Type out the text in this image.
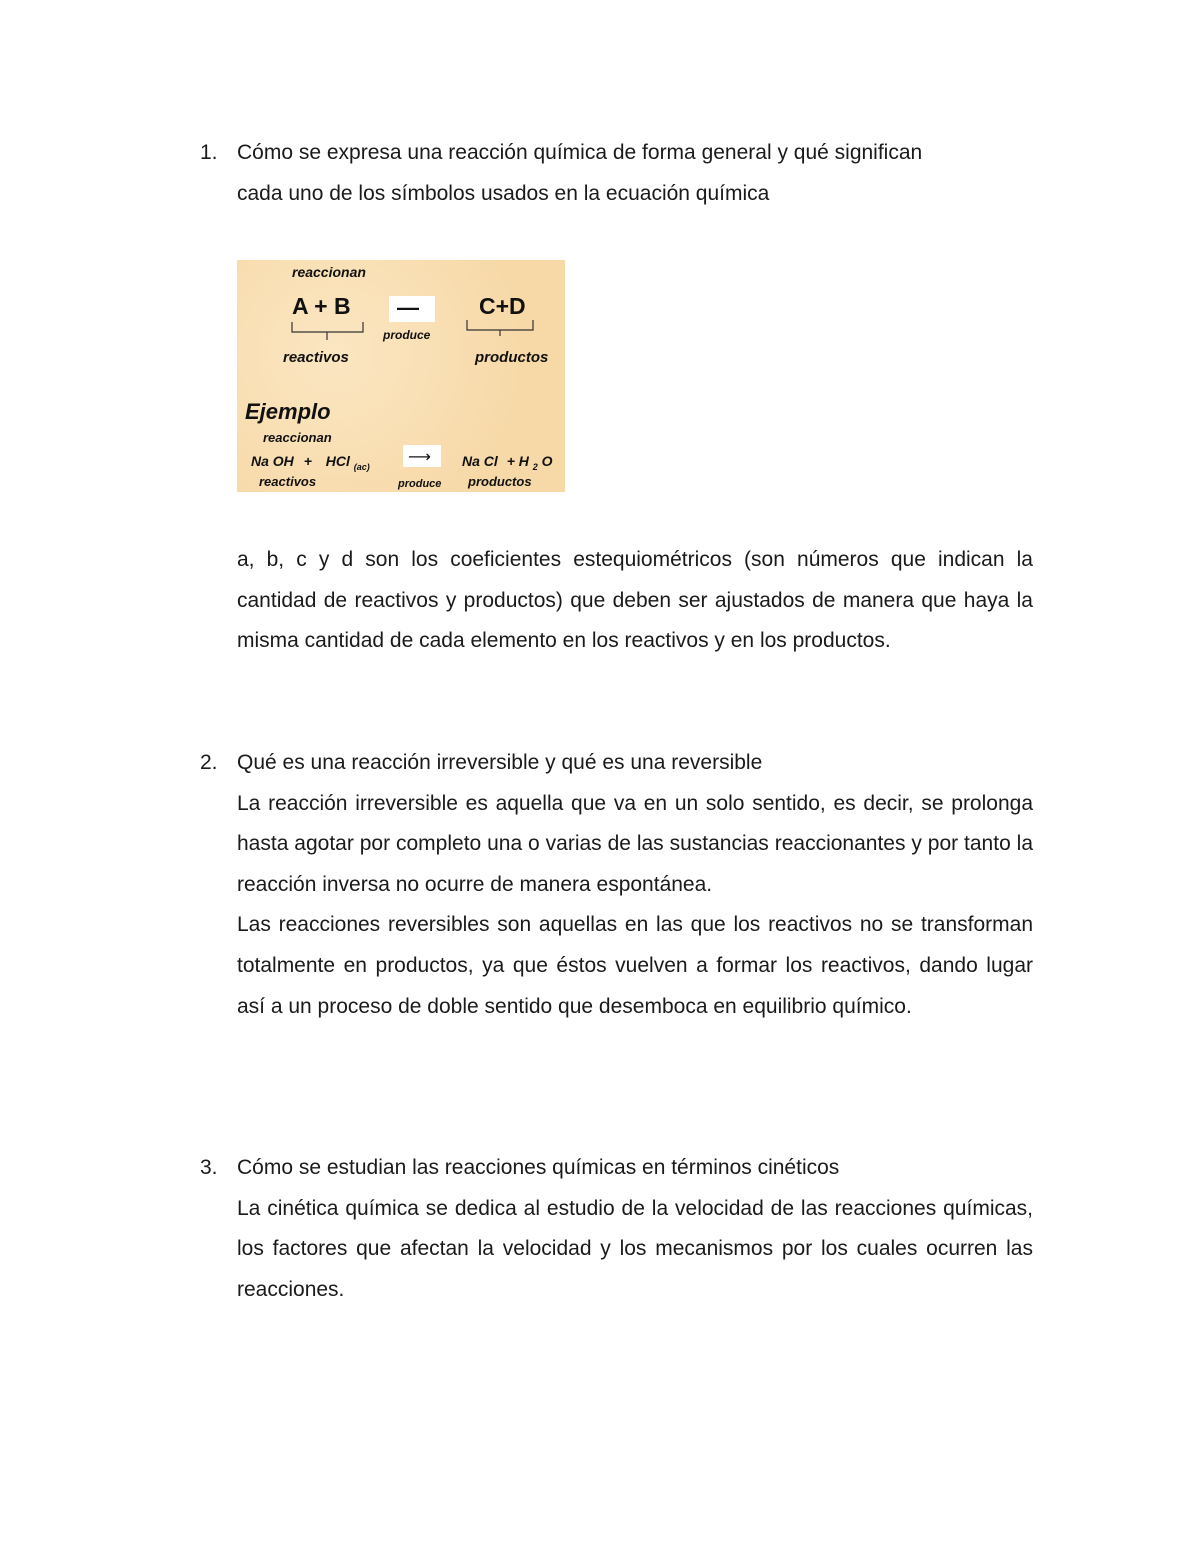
1. Cómo se expresa una reacción química de forma general y qué significan

cada uno de los símbolos usados en la ecuación química

reaccionan
A + B —	C+D
produce
reactivos	productos
Ejemplo
reaccionan
Na OH + HCl $_{(ac)}$
⟶ Na Cl + H $_2$ O
reactivos	produce productos

a, b, c y d son los coeficientes estequiométricos (son números que indican la cantidad de reactivos y productos) que deben ser ajustados de manera que haya la misma cantidad de cada elemento en los reactivos y en los productos.

2. Qué es una reacción irreversible y qué es una reversible

La reacción irreversible es aquella que va en un solo sentido, es decir, se prolonga hasta agotar por completo una o varias de las sustancias reaccionantes y por tanto la reacción inversa no ocurre de manera espontánea.

Las reacciones reversibles son aquellas en las que los reactivos no se transforman totalmente en productos, ya que éstos vuelven a formar los reactivos, dando lugar así a un proceso de doble sentido que desemboca en equilibrio químico.

3. Cómo se estudian las reacciones químicas en términos cinéticos

La cinética química se dedica al estudio de la velocidad de las reacciones químicas, los factores que afectan la velocidad y los mecanismos por los cuales ocurren las reacciones.
